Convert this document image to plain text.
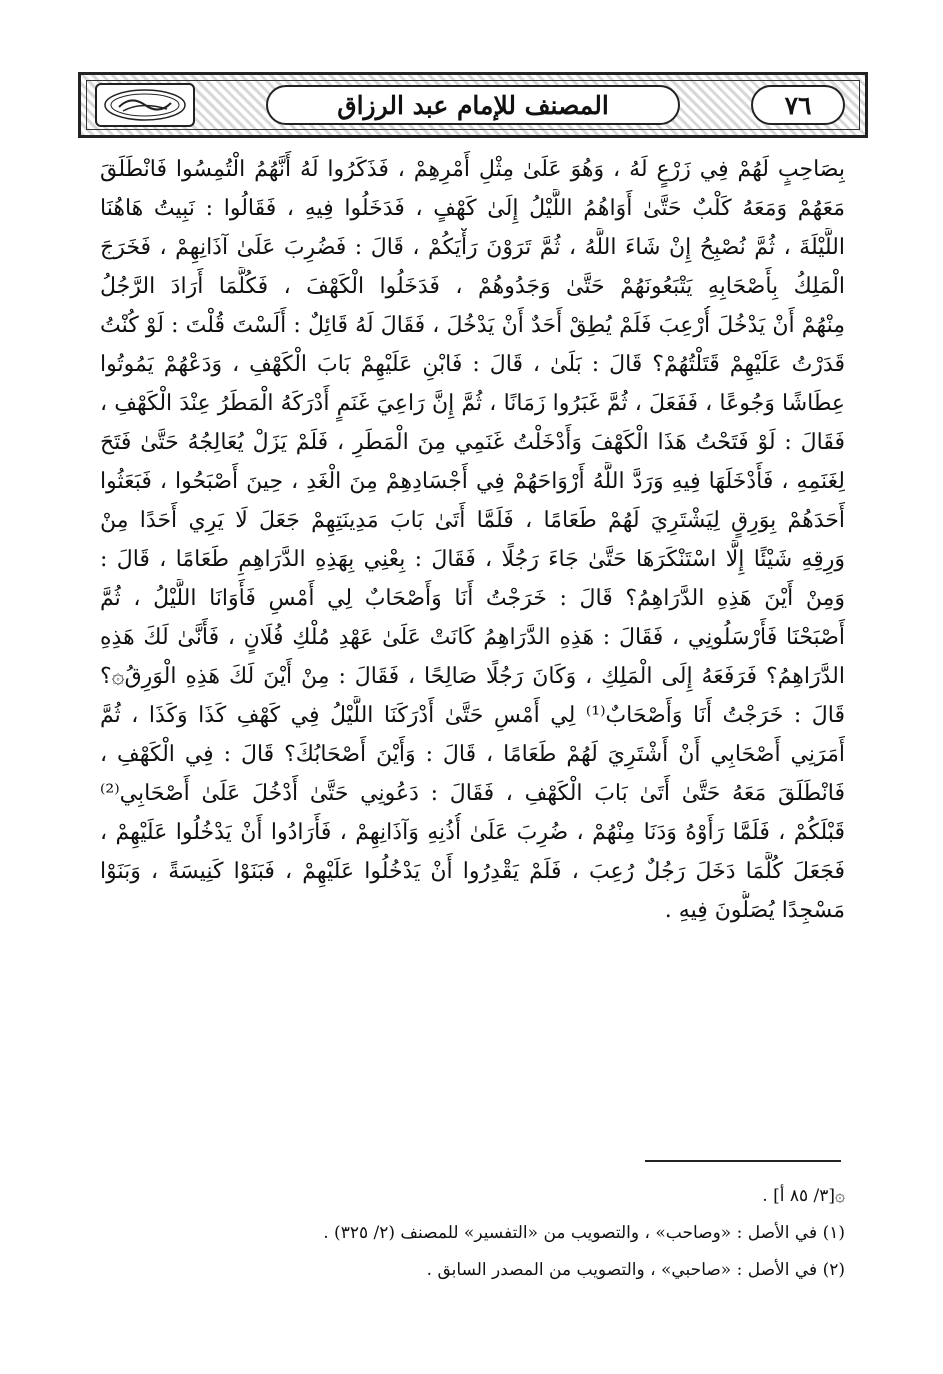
٧٦
المصنف للإمام عبد الرزاق
بِصَاحِبٍ لَهُمْ فِي زَرْعٍ لَهُ ، وَهُوَ عَلَىٰ مِثْلِ أَمْرِهِمْ ، فَذَكَرُوا لَهُ أَنَّهُمُ الْتُمِسُوا فَانْطَلَقَ
مَعَهُمْ وَمَعَهُ كَلْبٌ حَتَّىٰ أَوَاهُمُ اللَّيْلُ إِلَىٰ كَهْفٍ ، فَدَخَلُوا فِيهِ ، فَقَالُوا : نَبِيتُ هَاهُنَا
اللَّيْلَةَ ، ثُمَّ نُصْبِحُ إِنْ شَاءَ اللَّهُ ، ثُمَّ تَرَوْنَ رَأْيَكُمْ ، قَالَ : فَضُرِبَ عَلَىٰ آذَانِهِمْ ، فَخَرَجَ
الْمَلِكُ بِأَصْحَابِهِ يَتْبَعُونَهُمْ حَتَّىٰ وَجَدُوهُمْ ، فَدَخَلُوا الْكَهْفَ ، فَكُلَّمَا أَرَادَ الرَّجُلُ
مِنْهُمْ أَنْ يَدْخُلَ أُرْعِبَ فَلَمْ يُطِقْ أَحَدٌ أَنْ يَدْخُلَ ، فَقَالَ لَهُ قَائِلٌ : أَلَسْتَ قُلْتَ : لَوْ كُنْتُ
قَدَرْتُ عَلَيْهِمْ قَتَلْتُهُمْ؟ قَالَ : بَلَىٰ ، قَالَ : فَابْنِ عَلَيْهِمْ بَابَ الْكَهْفِ ، وَدَعْهُمْ يَمُوتُوا
عِطَاشًا وَجُوعًا ، فَفَعَلَ ، ثُمَّ غَبَرُوا زَمَانًا ، ثُمَّ إِنَّ رَاعِيَ غَنَمٍ أَدْرَكَهُ الْمَطَرُ عِنْدَ الْكَهْفِ ،
فَقَالَ : لَوْ فَتَحْتُ هَذَا الْكَهْفَ وَأَدْخَلْتُ غَنَمِي مِنَ الْمَطَرِ ، فَلَمْ يَزَلْ يُعَالِجُهُ حَتَّىٰ فَتَحَ
لِغَنَمِهِ ، فَأَدْخَلَهَا فِيهِ وَرَدَّ اللَّهُ أَرْوَاحَهُمْ فِي أَجْسَادِهِمْ مِنَ الْغَدِ ، حِينَ أَصْبَحُوا ، فَبَعَثُوا
أَحَدَهُمْ بِوَرِقٍ لِيَشْتَرِيَ لَهُمْ طَعَامًا ، فَلَمَّا أَتَىٰ بَابَ مَدِينَتِهِمْ جَعَلَ لَا يَرِي أَحَدًا مِنْ
وَرِقِهِ شَيْئًا إِلَّا اسْتَنْكَرَهَا حَتَّىٰ جَاءَ رَجُلًا ، فَقَالَ : بِعْنِي بِهَذِهِ الدَّرَاهِمِ طَعَامًا ، قَالَ :
وَمِنْ أَيْنَ هَذِهِ الدَّرَاهِمُ؟ قَالَ : خَرَجْتُ أَنَا وَأَصْحَابٌ لِي أَمْسِ فَأَوَانَا اللَّيْلُ ، ثُمَّ
أَصْبَحْنَا فَأَرْسَلُونِي ، فَقَالَ : هَذِهِ الدَّرَاهِمُ كَانَتْ عَلَىٰ عَهْدِ مُلْكِ فُلَانٍ ، فَأَنَّىٰ لَكَ هَذِهِ
الدَّرَاهِمُ؟ فَرَفَعَهُ إِلَى الْمَلِكِ ، وَكَانَ رَجُلًا صَالِحًا ، فَقَالَ : مِنْ أَيْنَ لَكَ هَذِهِ الْوَرِقُ۞؟
قَالَ : خَرَجْتُ أَنَا وَأَصْحَابٌ⁽¹⁾ لِي أَمْسِ حَتَّىٰ أَدْرَكَنَا اللَّيْلُ فِي كَهْفِ كَذَا وَكَذَا ، ثُمَّ
أَمَرَنِي أَصْحَابِي أَنْ أَشْتَرِيَ لَهُمْ طَعَامًا ، قَالَ : وَأَيْنَ أَصْحَابُكَ؟ قَالَ : فِي الْكَهْفِ ،
فَانْطَلَقَ مَعَهُ حَتَّىٰ أَتَىٰ بَابَ الْكَهْفِ ، فَقَالَ : دَعُونِي حَتَّىٰ أَدْخُلَ عَلَىٰ أَصْحَابِي⁽²⁾
قَبْلَكُمْ ، فَلَمَّا رَأَوْهُ وَدَنَا مِنْهُمْ ، ضُرِبَ عَلَىٰ أُذُنِهِ وَآذَانِهِمْ ، فَأَرَادُوا أَنْ يَدْخُلُوا عَلَيْهِمْ ،
فَجَعَلَ كُلَّمَا دَخَلَ رَجُلٌ رُعِبَ ، فَلَمْ يَقْدِرُوا أَنْ يَدْخُلُوا عَلَيْهِمْ ، فَبَنَوْا كَنِيسَةً ، وَبَنَوْا
مَسْجِدًا يُصَلُّونَ فِيهِ .
۞[٣/ ٨٥ أ] .
(١) في الأصل : «وصاحب» ، والتصويب من «التفسير» للمصنف (٢/ ٣٢٥) .
(٢) في الأصل : «صاحبي» ، والتصويب من المصدر السابق .
